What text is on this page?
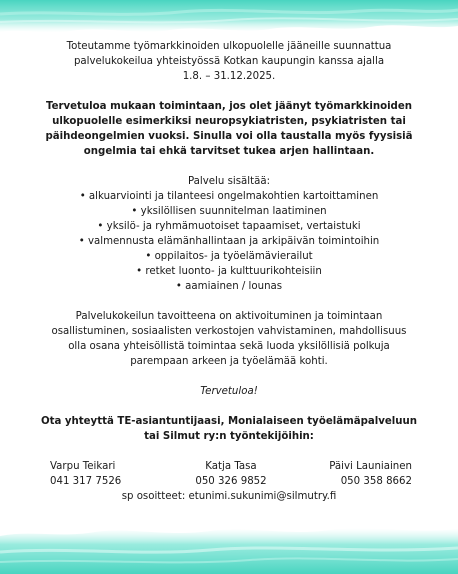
Toteutamme työmarkkinoiden ulkopuolelle jääneille suunnattua
palvelukokeilua yhteistyössä Kotkan kaupungin kanssa ajalla
1.8. – 31.12.2025.

Tervetuloa mukaan toimintaan, jos olet jäänyt työmarkkinoiden
ulkopuolelle esimerkiksi neuropsykiatristen, psykiatristen tai
päihdeongelmien vuoksi. Sinulla voi olla taustalla myös fyysisiä
ongelmia tai ehkä tarvitset tukea arjen hallintaan.

Palvelu sisältää:

• alkuarviointi ja tilanteesi ongelmakohtien kartoittaminen
• yksilöllisen suunnitelman laatiminen
• yksilö- ja ryhmämuotoiset tapaamiset, vertaistuki
• valmennusta elämänhallintaan ja arkipäivän toimintoihin
• oppilaitos- ja työelämävierailut
• retket luonto- ja kulttuurikohteisiin
• aamiainen / lounas

Palvelukokeilun tavoitteena on aktivoituminen ja toimintaan
osallistuminen, sosiaalisten verkostojen vahvistaminen, mahdollisuus
olla osana yhteisöllistä toimintaa sekä luoda yksilöllisiä polkuja
parempaan arkeen ja työelämää kohti.

Tervetuloa!

Ota yhteyttä TE-asiantuntijaasi, Monialaiseen työelämäpalveluun
tai Silmut ry:n työntekijöihin:

Varpu Teikari
041 317 7526
Katja Tasa
050 326 9852
Päivi Launiainen
050 358 8662

sp osoitteet: etunimi.sukunimi@silmutry.fi
